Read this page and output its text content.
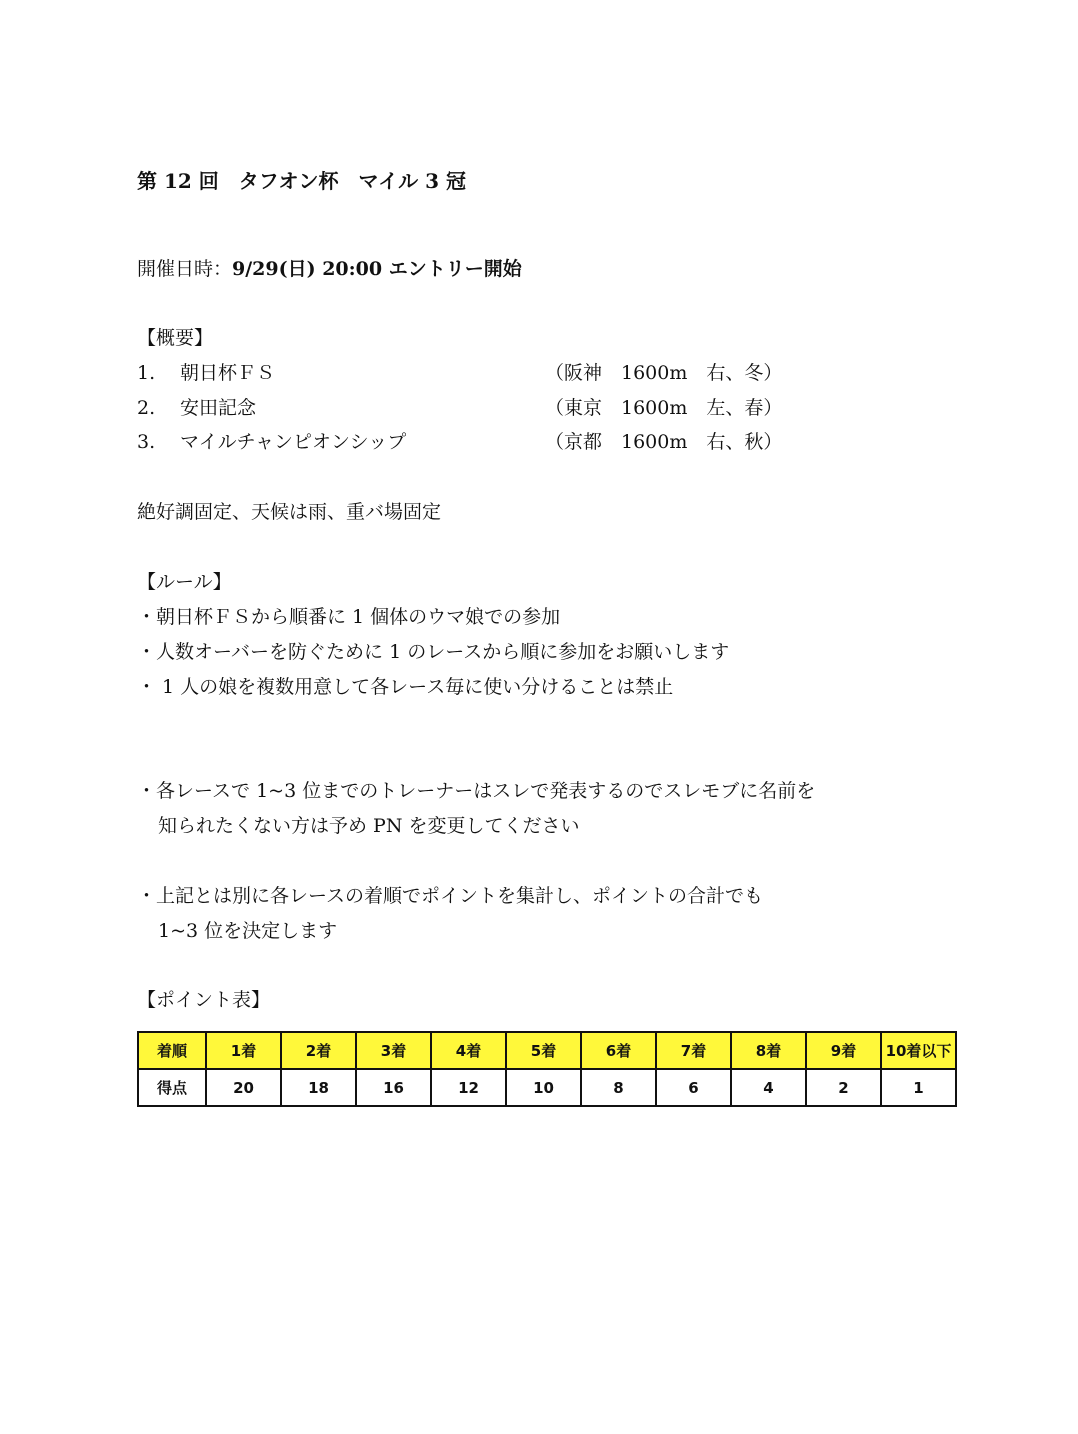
第 12 回　タフオン杯　マイル 3 冠
開催日時：9/29(日) 20:00 エントリー開始
【概要】
1. 朝日杯ＦＳ	（阪神　1600m　右、冬）
2. 安田記念	（東京　1600m　左、春）
3. マイルチャンピオンシップ	（京都　1600m　右、秋）
絶好調固定、天候は雨、重バ場固定
【ルール】
・朝日杯ＦＳから順番に 1 個体のウマ娘での参加
・人数オーバーを防ぐために 1 のレースから順に参加をお願いします
・ 1 人の娘を複数用意して各レース毎に使い分けることは禁止
・各レースで 1~3 位までのトレーナーはスレで発表するのでスレモブに名前を
知られたくない方は予め PN を変更してください
・上記とは別に各レースの着順でポイントを集計し、ポイントの合計でも
1~3 位を決定します
【ポイント表】
着順	1着	2着	3着	4着	5着	6着	7着	8着	9着	10着以下
得点	20	18	16	12	10	8	6	4	2	1
